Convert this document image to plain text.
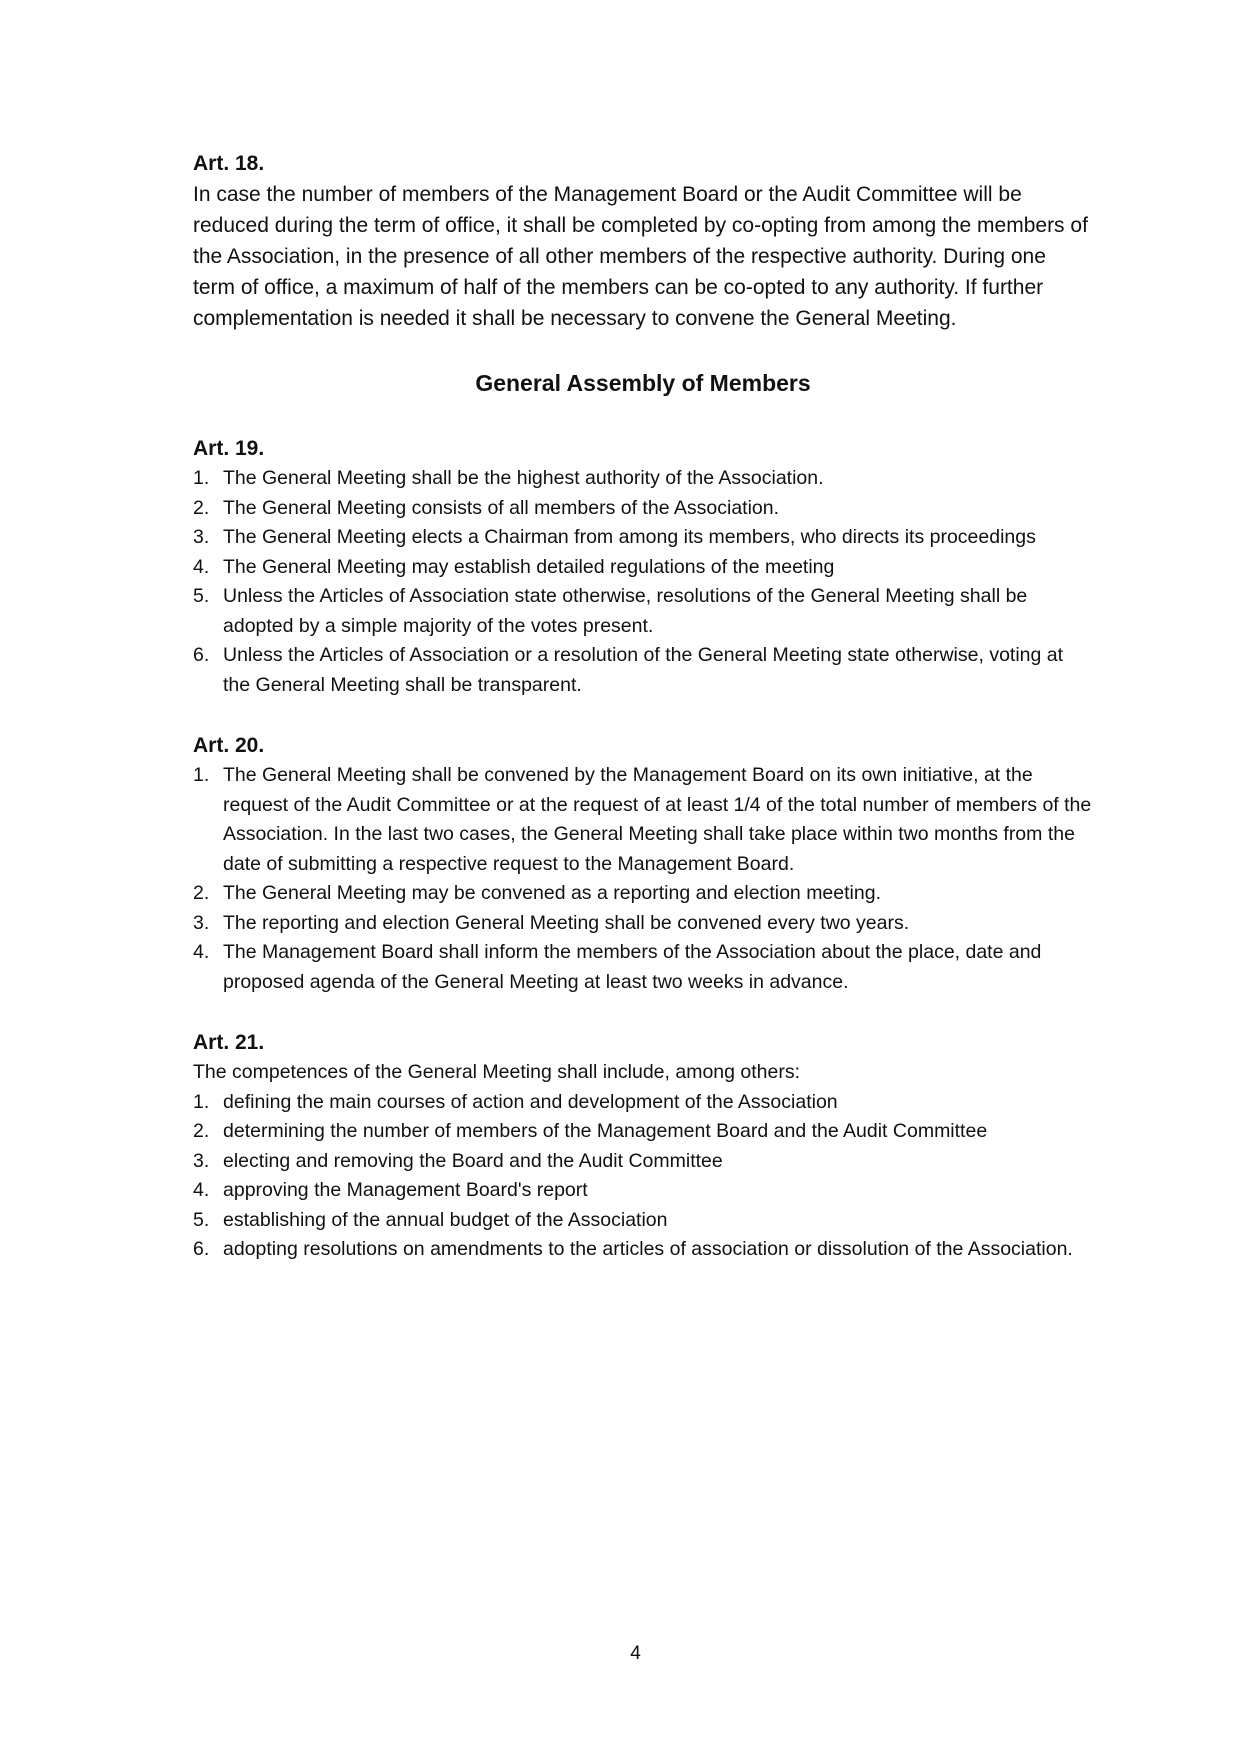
Art. 18.

In case the number of members of the Management Board or the Audit Committee will be reduced during the term of office, it shall be completed by co-opting from among the members of the Association, in the presence of all other members of the respective authority. During one term of office, a maximum of half of the members can be co-opted to any authority. If further complementation is needed it shall be necessary to convene the General Meeting.

General Assembly of Members

Art. 19.

1. The General Meeting shall be the highest authority of the Association.
2. The General Meeting consists of all members of the Association.
3. The General Meeting elects a Chairman from among its members, who directs its proceedings
4. The General Meeting may establish detailed regulations of the meeting
5. Unless the Articles of Association state otherwise, resolutions of the General Meeting shall be adopted by a simple majority of the votes present.
6. Unless the Articles of Association or a resolution of the General Meeting state otherwise, voting at the General Meeting shall be transparent.

Art. 20.

1. The General Meeting shall be convened by the Management Board on its own initiative, at the request of the Audit Committee or at the request of at least 1/4 of the total number of members of the Association. In the last two cases, the General Meeting shall take place within two months from the date of submitting a respective request to the Management Board.
2. The General Meeting may be convened as a reporting and election meeting.
3. The reporting and election General Meeting shall be convened every two years.
4. The Management Board shall inform the members of the Association about the place, date and proposed agenda of the General Meeting at least two weeks in advance.

Art. 21.

The competences of the General Meeting shall include, among others:

1. defining the main courses of action and development of the Association
2. determining the number of members of the Management Board and the Audit Committee
3. electing and removing the Board and the Audit Committee
4. approving the Management Board's report
5. establishing of the annual budget of the Association
6. adopting resolutions on amendments to the articles of association or dissolution of the Association.
4
